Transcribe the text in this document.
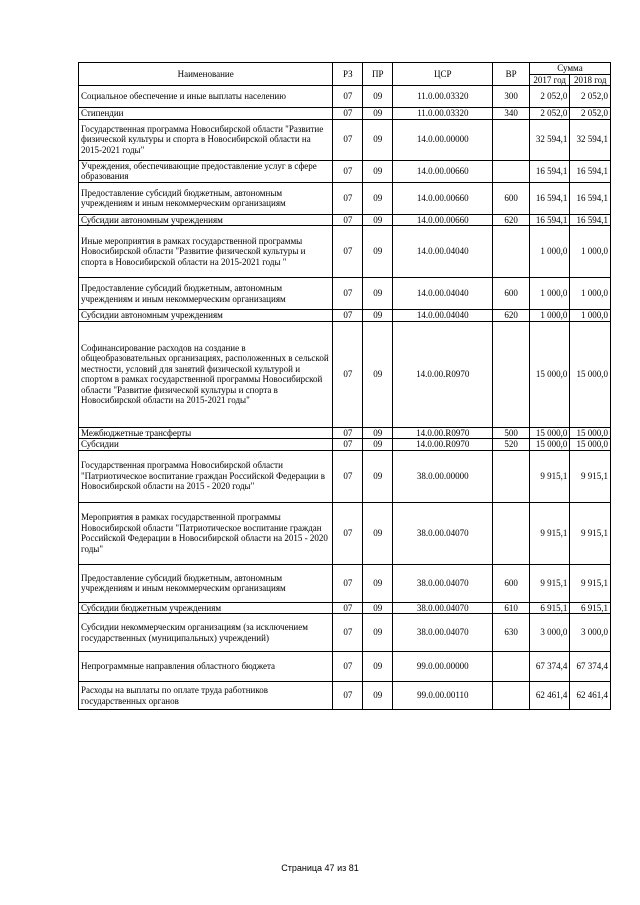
Наименование	РЗ	ПР	ЦСР	ВР	Сумма	
					2017 год	2018 год
Социальное обеспечение и иные выплаты населению	07	09	11.0.00.03320	300	2 052,0	2 052,0
Стипендии	07	09	11.0.00.03320	340	2 052,0	2 052,0
Государственная программа Новосибирской области "Развитие физической культуры и спорта в Новосибирской области на 2015-2021 годы"	07	09	14.0.00.00000		32 594,1	32 594,1
Учреждения, обеспечивающие предоставление услуг в сфере образования	07	09	14.0.00.00660		16 594,1	16 594,1
Предоставление субсидий бюджетным, автономным учреждениям и иным некоммерческим организациям	07	09	14.0.00.00660	600	16 594,1	16 594,1
Субсидии автономным учреждениям	07	09	14.0.00.00660	620	16 594,1	16 594,1
Иные мероприятия в рамках государственной программы Новосибирской области "Развитие физической культуры и спорта в Новосибирской области на 2015-2021 годы "	07	09	14.0.00.04040		1 000,0	1 000,0
Предоставление субсидий бюджетным, автономным учреждениям и иным некоммерческим организациям	07	09	14.0.00.04040	600	1 000,0	1 000,0
Субсидии автономным учреждениям	07	09	14.0.00.04040	620	1 000,0	1 000,0
Софинансирование расходов на создание в общеобразовательных организациях, расположенных в сельской местности, условий для занятий физической культурой и спортом в рамках государственной программы Новосибирской области "Развитие физической культуры и спорта в Новосибирской области на 2015-2021 годы"	07	09	14.0.00.R0970		15 000,0	15 000,0
Межбюджетные трансферты	07	09	14.0.00.R0970	500	15 000,0	15 000,0
Субсидии	07	09	14.0.00.R0970	520	15 000,0	15 000,0
Государственная программа Новосибирской области "Патриотическое воспитание граждан Российской Федерации в Новосибирской области на 2015 - 2020 годы"	07	09	38.0.00.00000		9 915,1	9 915,1
Мероприятия в рамках государственной программы Новосибирской области "Патриотическое воспитание граждан Российской Федерации в Новосибирской области на 2015 - 2020 годы"	07	09	38.0.00.04070		9 915,1	9 915,1
Предоставление субсидий бюджетным, автономным учреждениям и иным некоммерческим организациям	07	09	38.0.00.04070	600	9 915,1	9 915,1
Субсидии бюджетным учреждениям	07	09	38.0.00.04070	610	6 915,1	6 915,1
Субсидии некоммерческим организациям (за исключением государственных (муниципальных) учреждений)	07	09	38.0.00.04070	630	3 000,0	3 000,0
Непрограммные направления областного бюджета	07	09	99.0.00.00000		67 374,4	67 374,4
Расходы на выплаты по оплате труда работников государственных органов	07	09	99.0.00.00110		62 461,4	62 461,4
Страница 47 из 81
